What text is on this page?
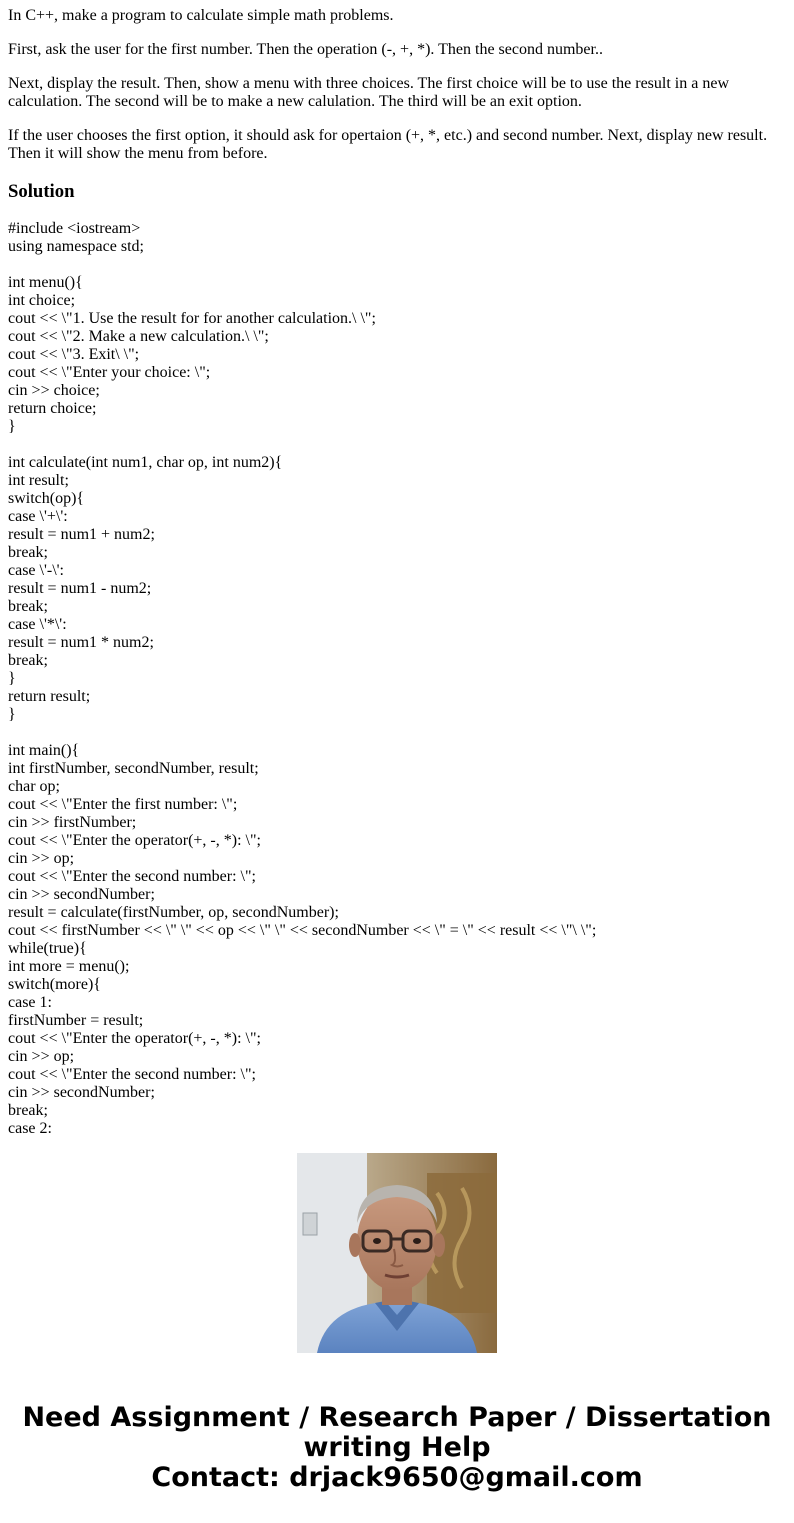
In C++, make a program to calculate simple math problems.

First, ask the user for the first number. Then the operation (-, +, *). Then the second number..

Next, display the result. Then, show a menu with three choices. The first choice will be to use the result in a new calculation. The second will be to make a new calulation. The third will be an exit option.

If the user chooses the first option, it should ask for opertaion (+, *, etc.) and second number. Next, display new result. Then it will show the menu from before.

Solution
#include <iostream>
using namespace std;
int menu(){
int choice;
cout << \"1. Use the result for for another calculation.\ \";
cout << \"2. Make a new calculation.\ \";
cout << \"3. Exit\ \";
cout << \"Enter your choice: \";
cin >> choice;
return choice;
}
int calculate(int num1, char op, int num2){
int result;
switch(op){
case \'+\':
result = num1 + num2;
break;
case \'-\':
result = num1 - num2;
break;
case \'*\':
result = num1 * num2;
break;
}
return result;
}
int main(){
int firstNumber, secondNumber, result;
char op;
cout << \"Enter the first number: \";
cin >> firstNumber;
cout << \"Enter the operator(+, -, *): \";
cin >> op;
cout << \"Enter the second number: \";
cin >> secondNumber;
result = calculate(firstNumber, op, secondNumber);
cout << firstNumber << \" \" << op << \" \" << secondNumber << \" = \" << result << \"\ \";
while(true){
int more = menu();
switch(more){
case 1:
firstNumber = result;
cout << \"Enter the operator(+, -, *): \";
cin >> op;
cout << \"Enter the second number: \";
cin >> secondNumber;
break;
case 2:
Need Assignment / Research Paper / Dissertation
writing Help
Contact: drjack9650@gmail.com
